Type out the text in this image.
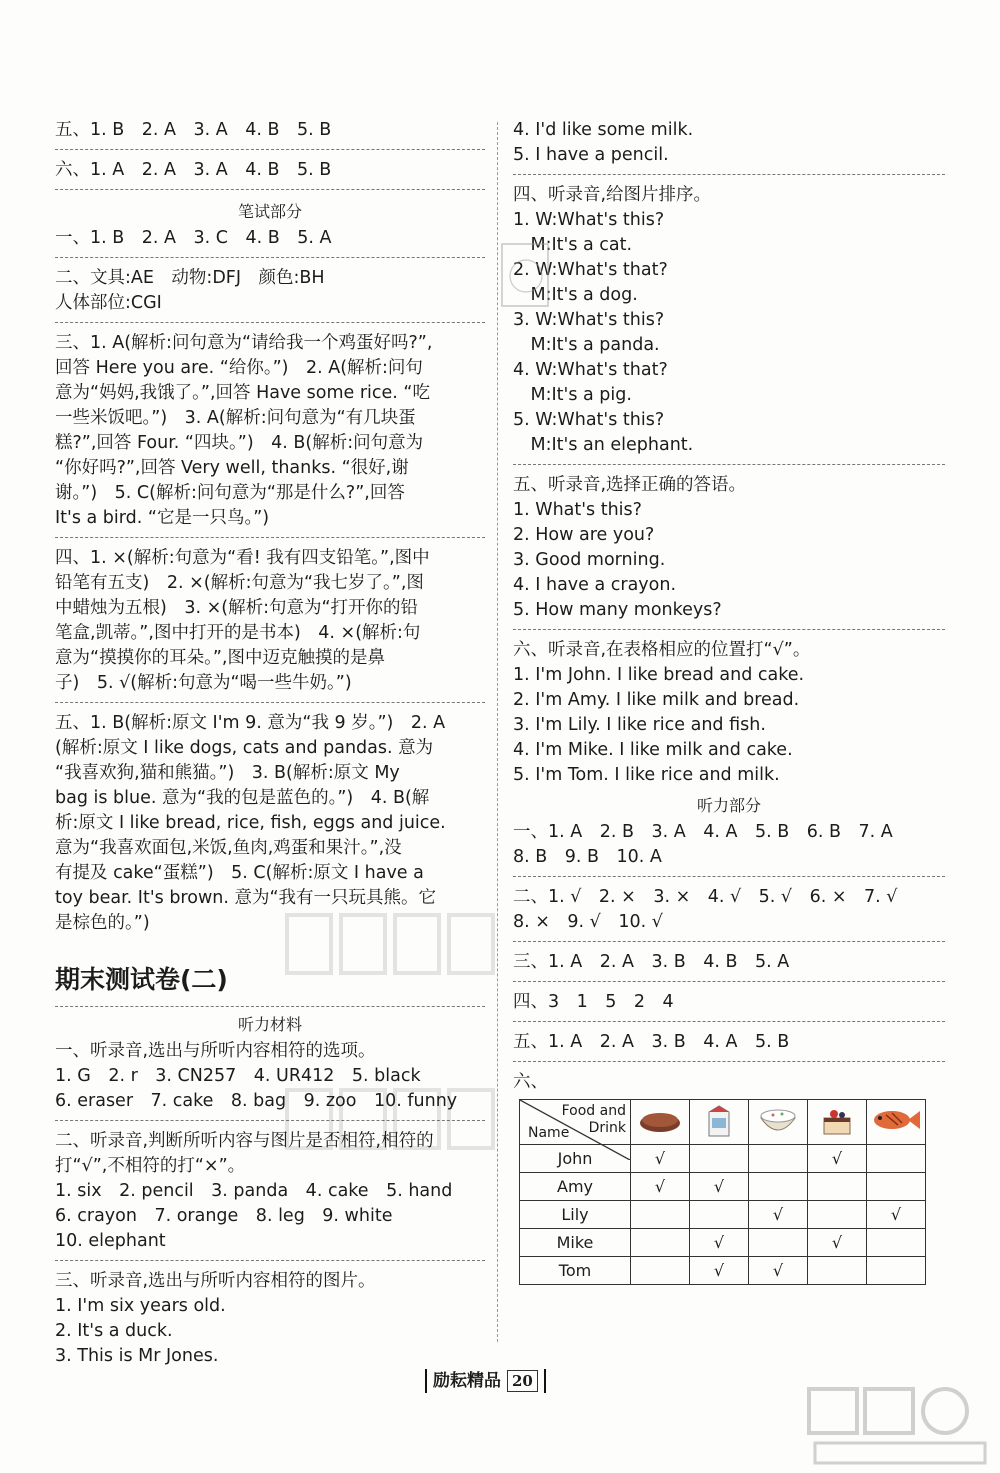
五、1. B　2. A　3. A　4. B　5. B
六、1. A　2. A　3. A　4. B　5. B
笔试部分
一、1. B　2. A　3. C　4. B　5. A
二、文具:AE　动物:DFJ　颜色:BH
人体部位:CGI
三、1. A(解析:问句意为“请给我一个鸡蛋好吗?”,
回答 Here you are. “给你。”)　2. A(解析:问句
意为“妈妈,我饿了。”,回答 Have some rice. “吃
一些米饭吧。”)　3. A(解析:问句意为“有几块蛋
糕?”,回答 Four. “四块。”)　4. B(解析:问句意为
“你好吗?”,回答 Very well, thanks. “很好,谢
谢。”)　5. C(解析:问句意为“那是什么?”,回答
It's a bird. “它是一只鸟。”)
四、1. ×(解析:句意为“看! 我有四支铅笔。”,图中
铅笔有五支)　2. ×(解析:句意为“我七岁了。”,图
中蜡烛为五根)　3. ×(解析:句意为“打开你的铅
笔盒,凯蒂。”,图中打开的是书本)　4. ×(解析:句
意为“摸摸你的耳朵。”,图中迈克触摸的是鼻
子)　5. √(解析:句意为“喝一些牛奶。”)
五、1. B(解析:原文 I'm 9. 意为“我 9 岁。”)　2. A
(解析:原文 I like dogs, cats and pandas. 意为
“我喜欢狗,猫和熊猫。”)　3. B(解析:原文 My
bag is blue. 意为“我的包是蓝色的。”)　4. B(解
析:原文 I like bread, rice, fish, eggs and juice.
意为“我喜欢面包,米饭,鱼肉,鸡蛋和果汁。”,没
有提及 cake“蛋糕”)　5. C(解析:原文 I have a
toy bear. It's brown. 意为“我有一只玩具熊。它
是棕色的。”)
期末测试卷(二)
听力材料
一、听录音,选出与所听内容相符的选项。
1. G　2. r　3. CN257　4. UR412　5. black
6. eraser　7. cake　8. bag　9. zoo　10. funny
二、听录音,判断所听内容与图片是否相符,相符的
打“√”,不相符的打“×”。
1. six　2. pencil　3. panda　4. cake　5. hand
6. crayon　7. orange　8. leg　9. white
10. elephant
三、听录音,选出与所听内容相符的图片。
1. I'm six years old.
2. It's a duck.
3. This is Mr Jones.
4. I'd like some milk.
5. I have a pencil.
四、听录音,给图片排序。
1. W:What's this?
　M:It's a cat.
2. W:What's that?
　M:It's a dog.
3. W:What's this?
　M:It's a panda.
4. W:What's that?
　M:It's a pig.
5. W:What's this?
　M:It's an elephant.
五、听录音,选择正确的答语。
1. What's this?
2. How are you?
3. Good morning.
4. I have a crayon.
5. How many monkeys?
六、听录音,在表格相应的位置打“√”。
1. I'm John. I like bread and cake.
2. I'm Amy. I like milk and bread.
3. I'm Lily. I like rice and fish.
4. I'm Mike. I like milk and cake.
5. I'm Tom. I like rice and milk.
听力部分
一、1. A　2. B　3. A　4. A　5. B　6. B　7. A
8. B　9. B　10. A
二、1. √　2. ×　3. ×　4. √　5. √　6. ×　7. √
8. ×　9. √　10. √
三、1. A　2. A　3. B　4. B　5. A
四、3　1　5　2　4
五、1. A　2. A　3. B　4. A　5. B
六、
Food and
Drink
Name

John	√			√	
Amy	√	√			
Lily			√		√
Mike		√		√	
Tom		√	√		
励耘精品 20
